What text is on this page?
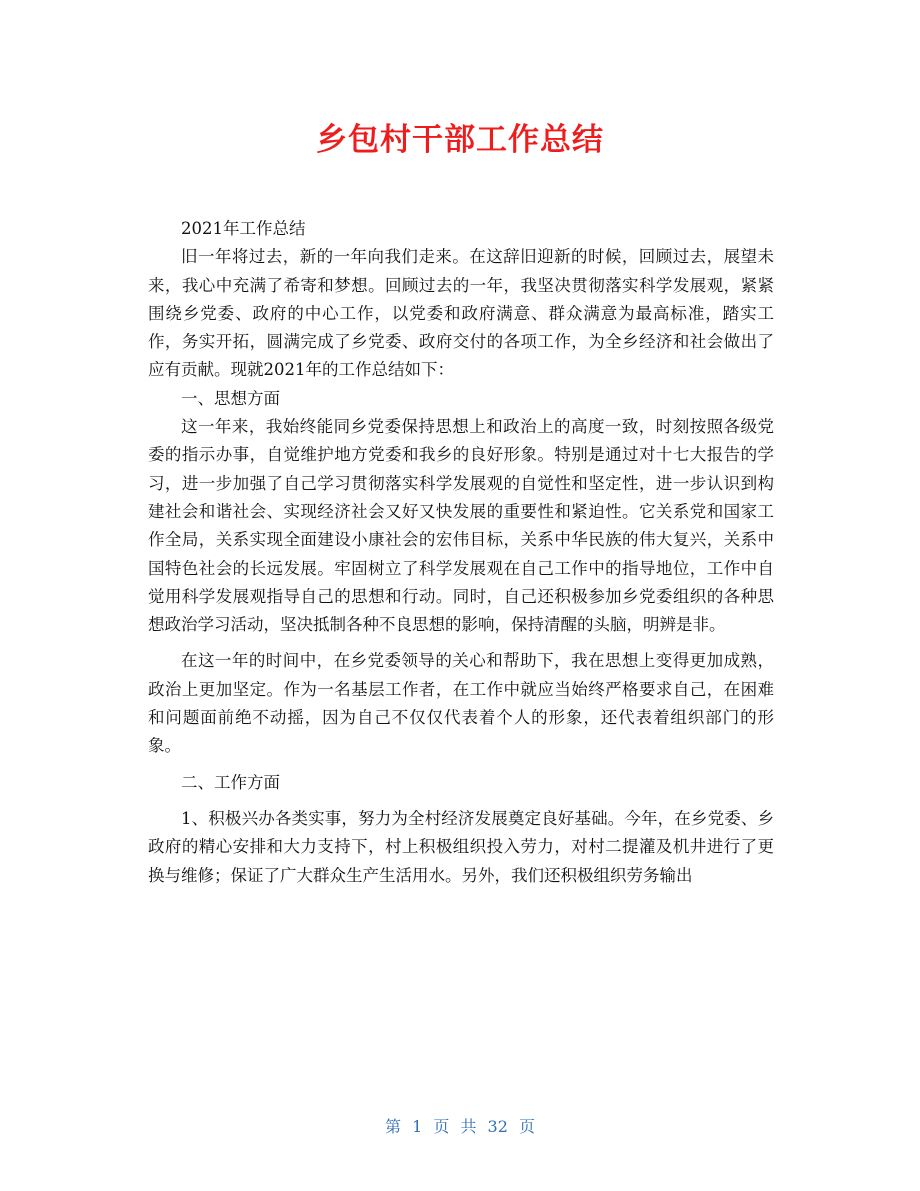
乡包村干部工作总结

2021年工作总结

旧一年将过去，新的一年向我们走来。在这辞旧迎新的时候，回顾过去，展望未来，我心中充满了希寄和梦想。回顾过去的一年，我坚决贯彻落实科学发展观，紧紧围绕乡党委、政府的中心工作，以党委和政府满意、群众满意为最高标准，踏实工作，务实开拓，圆满完成了乡党委、政府交付的各项工作，为全乡经济和社会做出了应有贡献。现就2021年的工作总结如下：

一、思想方面

这一年来，我始终能同乡党委保持思想上和政治上的高度一致，时刻按照各级党委的指示办事，自觉维护地方党委和我乡的良好形象。特别是通过对十七大报告的学习，进一步加强了自己学习贯彻落实科学发展观的自觉性和坚定性，进一步认识到构建社会和谐社会、实现经济社会又好又快发展的重要性和紧迫性。它关系党和国家工作全局，关系实现全面建设小康社会的宏伟目标，关系中华民族的伟大复兴，关系中国特色社会的长远发展。牢固树立了科学发展观在自己工作中的指导地位，工作中自觉用科学发展观指导自己的思想和行动。同时，自己还积极参加乡党委组织的各种思想政治学习活动，坚决抵制各种不良思想的影响，保持清醒的头脑，明辨是非。

在这一年的时间中，在乡党委领导的关心和帮助下，我在思想上变得更加成熟，政治上更加坚定。作为一名基层工作者，在工作中就应当始终严格要求自己，在困难和问题面前绝不动摇，因为自己不仅仅代表着个人的形象，还代表着组织部门的形象。

二、工作方面

1、积极兴办各类实事，努力为全村经济发展奠定良好基础。今年，在乡党委、乡政府的精心安排和大力支持下，村上积极组织投入劳力，对村二提灌及机井进行了更换与维修；保证了广大群众生产生活用水。另外，我们还积极组织劳务输出

第 1 页 共 32 页
